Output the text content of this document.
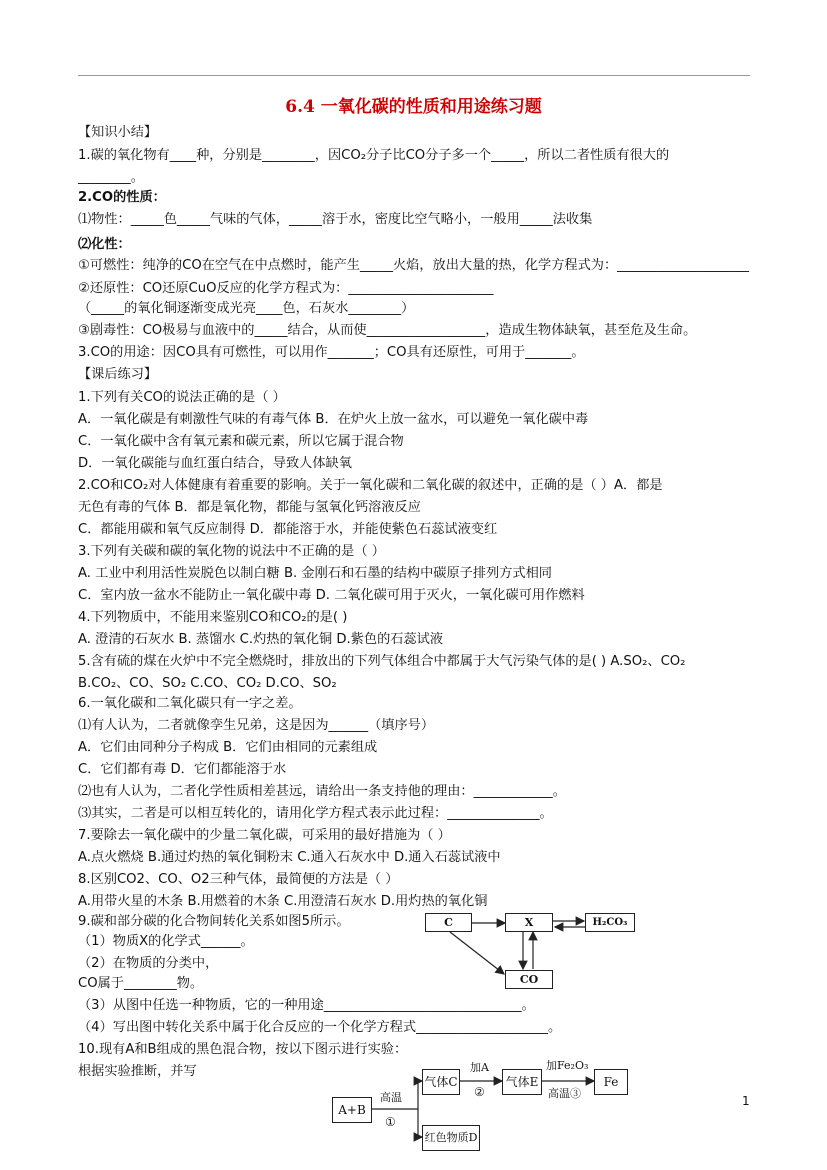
6.4 一氧化碳的性质和用途练习题
【知识小结】
1.碳的氧化物有____种，分别是________，因CO₂分子比CO分子多一个_____，所以二者性质有很大的
________。
2.CO的性质：
⑴物性：_____色_____气味的气体，_____溶于水，密度比空气略小，一般用_____法收集
⑵化性：
①可燃性：纯净的CO在空气在中点燃时，能产生_____火焰，放出大量的热，化学方程式为：____________________
②还原性：CO还原CuO反应的化学方程式为：______________________
（_____的氧化铜逐渐变成光亮____色，石灰水________）
③剧毒性：CO极易与血液中的_____结合，从而使__________________，造成生物体缺氧，甚至危及生命。
3.CO的用途：因CO具有可燃性，可以用作_______；CO具有还原性，可用于_______。
【课后练习】
1.下列有关CO的说法正确的是（ ）
A．一氧化碳是有刺激性气味的有毒气体 B．在炉火上放一盆水，可以避免一氧化碳中毒
C．一氧化碳中含有氧元素和碳元素，所以它属于混合物
D．一氧化碳能与血红蛋白结合，导致人体缺氧
2.CO和CO₂对人体健康有着重要的影响。关于一氧化碳和二氧化碳的叙述中，正确的是（ ）A．都是
无色有毒的气体 B．都是氧化物，都能与氢氧化钙溶液反应
C．都能用碳和氧气反应制得 D．都能溶于水，并能使紫色石蕊试液变红
3.下列有关碳和碳的氧化物的说法中不正确的是（ ）
A. 工业中利用活性炭脱色以制白糖 B. 金刚石和石墨的结构中碳原子排列方式相同
C．室内放一盆水不能防止一氧化碳中毒 D. 二氧化碳可用于灭火，一氧化碳可用作燃料
4.下列物质中，不能用来鉴别CO和CO₂的是( )
A. 澄清的石灰水 B. 蒸馏水 C.灼热的氧化铜 D.紫色的石蕊试液
5.含有硫的煤在火炉中不完全燃烧时，排放出的下列气体组合中都属于大气污染气体的是( ) A.SO₂、CO₂
B.CO₂、CO、SO₂ C.CO、CO₂ D.CO、SO₂
6.一氧化碳和二氧化碳只有一字之差。
⑴有人认为，二者就像孪生兄弟，这是因为______（填序号）
A．它们由同种分子构成 B．它们由相同的元素组成
C．它们都有毒 D．它们都能溶于水
⑵也有人认为，二者化学性质相差甚远，请给出一条支持他的理由：____________。
⑶其实，二者是可以相互转化的，请用化学方程式表示此过程：______________。
7.要除去一氧化碳中的少量二氧化碳，可采用的最好措施为（ ）
A.点火燃烧 B.通过灼热的氧化铜粉末 C.通入石灰水中 D.通入石蕊试液中
8.区别CO2、CO、O2三种气体，最简便的方法是（ ）
A.用带火星的木条 B.用燃着的木条 C.用澄清石灰水 D.用灼热的氧化铜
9.碳和部分碳的化合物间转化关系如图5所示。
（1）物质X的化学式______。
（2）在物质的分类中，
CO属于________物。
（3）从图中任选一种物质，它的一种用途______________________________。
（4）写出图中转化关系中属于化合反应的一个化学方程式____________________。
10.现有A和B组成的黑色混合物，按以下图示进行实验：
根据实验推断，并写
C	X	H₂CO₃
CO
A+B
气体C	气体E	Fe
红色物质D
高温
①
加A
②
加Fe₂O₃
高温③
1
